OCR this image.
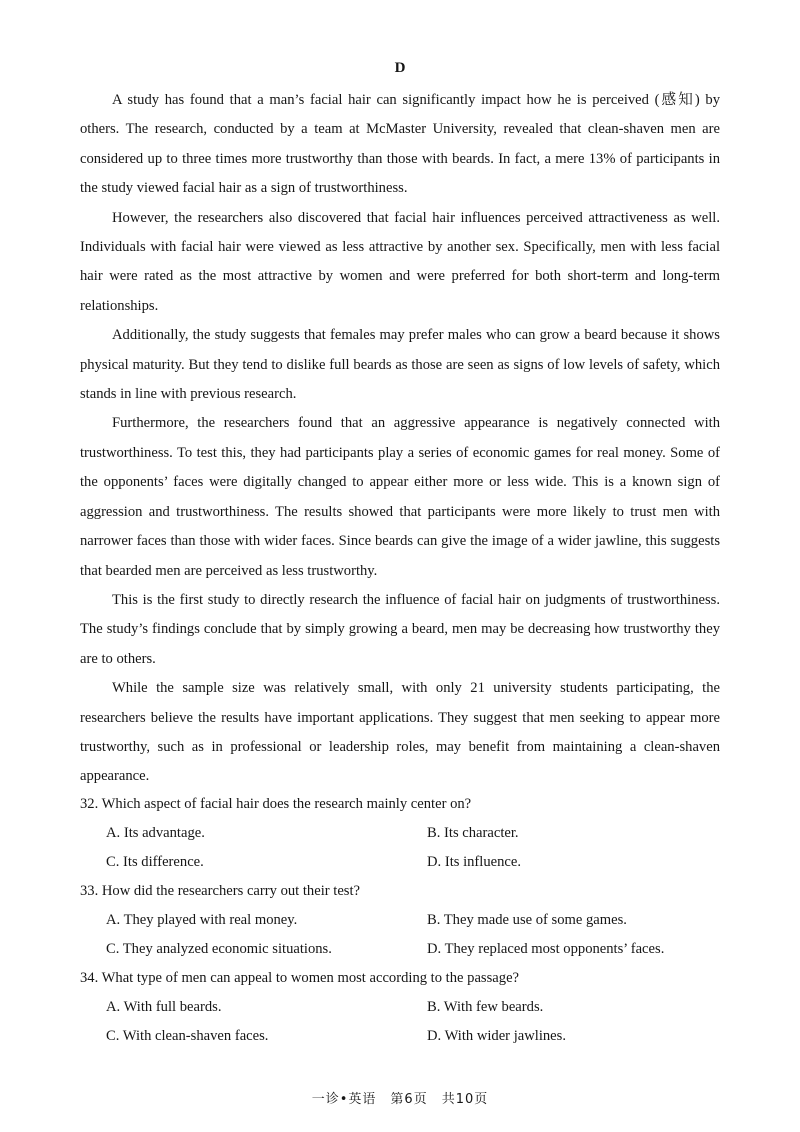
D

A study has found that a man’s facial hair can significantly impact how he is perceived (感知) by others. The research, conducted by a team at McMaster University, revealed that clean-shaven men are considered up to three times more trustworthy than those with beards. In fact, a mere 13% of participants in the study viewed facial hair as a sign of trustworthiness.

However, the researchers also discovered that facial hair influences perceived attractiveness as well. Individuals with facial hair were viewed as less attractive by another sex. Specifically, men with less facial hair were rated as the most attractive by women and were preferred for both short-term and long-term relationships.

Additionally, the study suggests that females may prefer males who can grow a beard because it shows physical maturity. But they tend to dislike full beards as those are seen as signs of low levels of safety, which stands in line with previous research.

Furthermore, the researchers found that an aggressive appearance is negatively connected with trustworthiness. To test this, they had participants play a series of economic games for real money. Some of the opponents’ faces were digitally changed to appear either more or less wide. This is a known sign of aggression and trustworthiness. The results showed that participants were more likely to trust men with narrower faces than those with wider faces. Since beards can give the image of a wider jawline, this suggests that bearded men are perceived as less trustworthy.

This is the first study to directly research the influence of facial hair on judgments of trustworthiness. The study’s findings conclude that by simply growing a beard, men may be decreasing how trustworthy they are to others.

While the sample size was relatively small, with only 21 university students participating, the researchers believe the results have important applications. They suggest that men seeking to appear more trustworthy, such as in professional or leadership roles, may benefit from maintaining a clean-shaven appearance.

32. Which aspect of facial hair does the research mainly center on?
A. Its advantage.	B. Its character.
C. Its difference.	D. Its influence.
33. How did the researchers carry out their test?
A. They played with real money.	B. They made use of some games.
C. They analyzed economic situations.	D. They replaced most opponents’ faces.
34. What type of men can appeal to women most according to the passage?
A. With full beards.	B. With few beards.
C. With clean-shaven faces.	D. With wider jawlines.
一诊•英语　第6页　共10页
